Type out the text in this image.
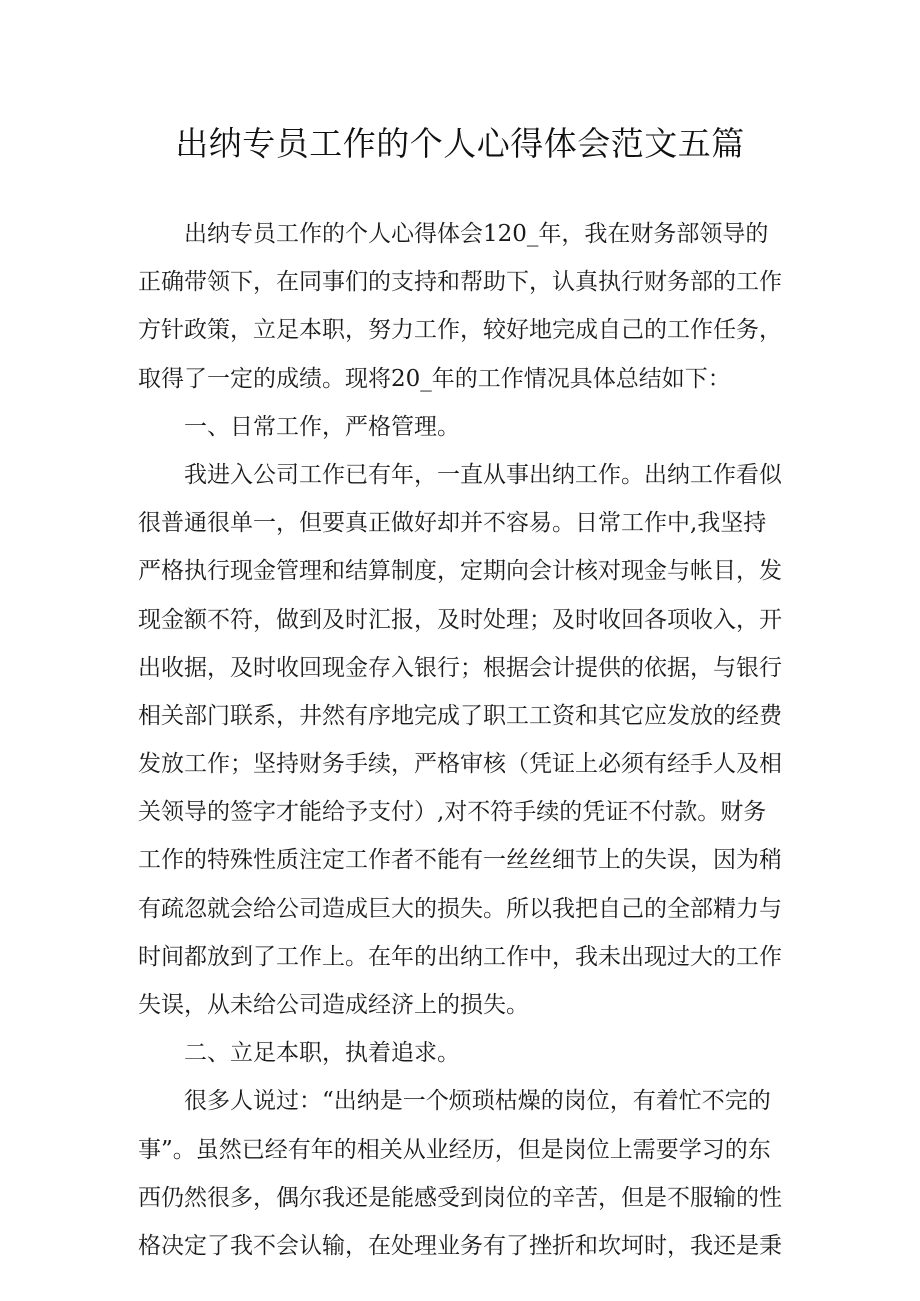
出纳专员工作的个人心得体会范文五篇
出纳专员工作的个人心得体会120_年，我在财务部领导的
正确带领下，在同事们的支持和帮助下，认真执行财务部的工作
方针政策，立足本职，努力工作，较好地完成自己的工作任务，
取得了一定的成绩。现将20_年的工作情况具体总结如下：
一、日常工作，严格管理。
我进入公司工作已有年，一直从事出纳工作。出纳工作看似
很普通很单一，但要真正做好却并不容易。日常工作中,我坚持
严格执行现金管理和结算制度，定期向会计核对现金与帐目，发
现金额不符，做到及时汇报，及时处理；及时收回各项收入，开
出收据，及时收回现金存入银行；根据会计提供的依据，与银行
相关部门联系，井然有序地完成了职工工资和其它应发放的经费
发放工作；坚持财务手续，严格审核（凭证上必须有经手人及相
关领导的签字才能给予支付）,对不符手续的凭证不付款。财务
工作的特殊性质注定工作者不能有一丝丝细节上的失误，因为稍
有疏忽就会给公司造成巨大的损失。所以我把自己的全部精力与
时间都放到了工作上。在年的出纳工作中，我未出现过大的工作
失误，从未给公司造成经济上的损失。
二、立足本职，执着追求。
很多人说过：“出纳是一个烦琐枯燥的岗位，有着忙不完的
事”。虽然已经有年的相关从业经历，但是岗位上需要学习的东
西仍然很多，偶尔我还是能感受到岗位的辛苦，但是不服输的性
格决定了我不会认输，在处理业务有了挫折和坎坷时，我还是秉
